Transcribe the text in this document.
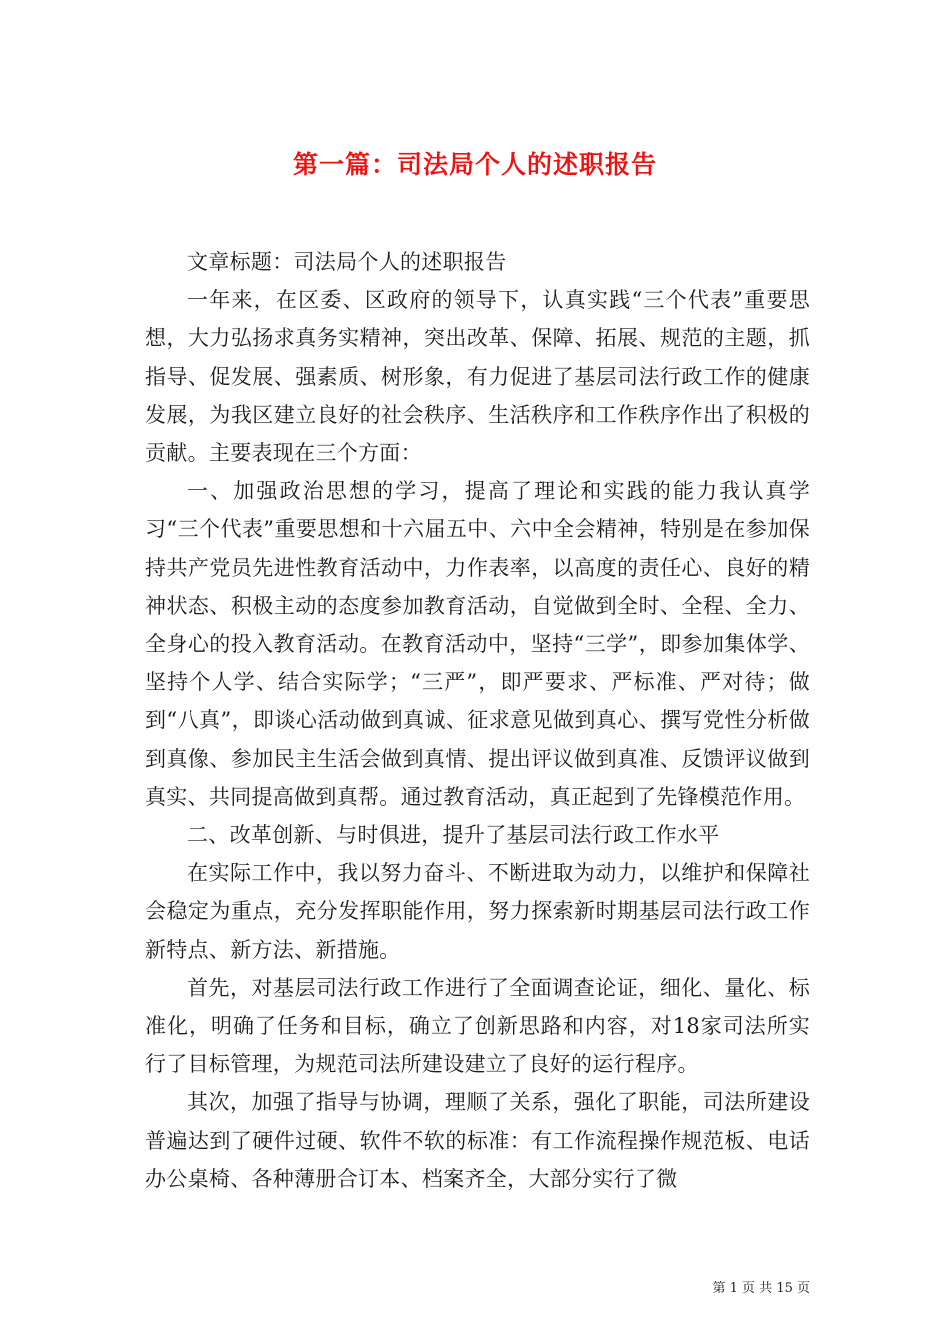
第一篇：司法局个人的述职报告

文章标题：司法局个人的述职报告

一年来，在区委、区政府的领导下，认真实践“三个代表”重要思想，大力弘扬求真务实精神，突出改革、保障、拓展、规范的主题，抓指导、促发展、强素质、树形象，有力促进了基层司法行政工作的健康发展，为我区建立良好的社会秩序、生活秩序和工作秩序作出了积极的贡献。主要表现在三个方面：

一、加强政治思想的学习，提高了理论和实践的能力我认真学习“三个代表”重要思想和十六届五中、六中全会精神，特别是在参加保持共产党员先进性教育活动中，力作表率，以高度的责任心、良好的精神状态、积极主动的态度参加教育活动，自觉做到全时、全程、全力、全身心的投入教育活动。在教育活动中，坚持“三学”，即参加集体学、坚持个人学、结合实际学；“三严”，即严要求、严标准、严对待；做到“八真”，即谈心活动做到真诚、征求意见做到真心、撰写党性分析做到真像、参加民主生活会做到真情、提出评议做到真准、反馈评议做到真实、共同提高做到真帮。通过教育活动，真正起到了先锋模范作用。

二、改革创新、与时俱进，提升了基层司法行政工作水平

在实际工作中，我以努力奋斗、不断进取为动力，以维护和保障社会稳定为重点，充分发挥职能作用，努力探索新时期基层司法行政工作新特点、新方法、新措施。

首先，对基层司法行政工作进行了全面调查论证，细化、量化、标准化，明确了任务和目标，确立了创新思路和内容，对18家司法所实行了目标管理，为规范司法所建设建立了良好的运行程序。

其次，加强了指导与协调，理顺了关系，强化了职能，司法所建设普遍达到了硬件过硬、软件不软的标准：有工作流程操作规范板、电话办公桌椅、各种薄册合订本、档案齐全，大部分实行了微

第 1 页 共 15 页
